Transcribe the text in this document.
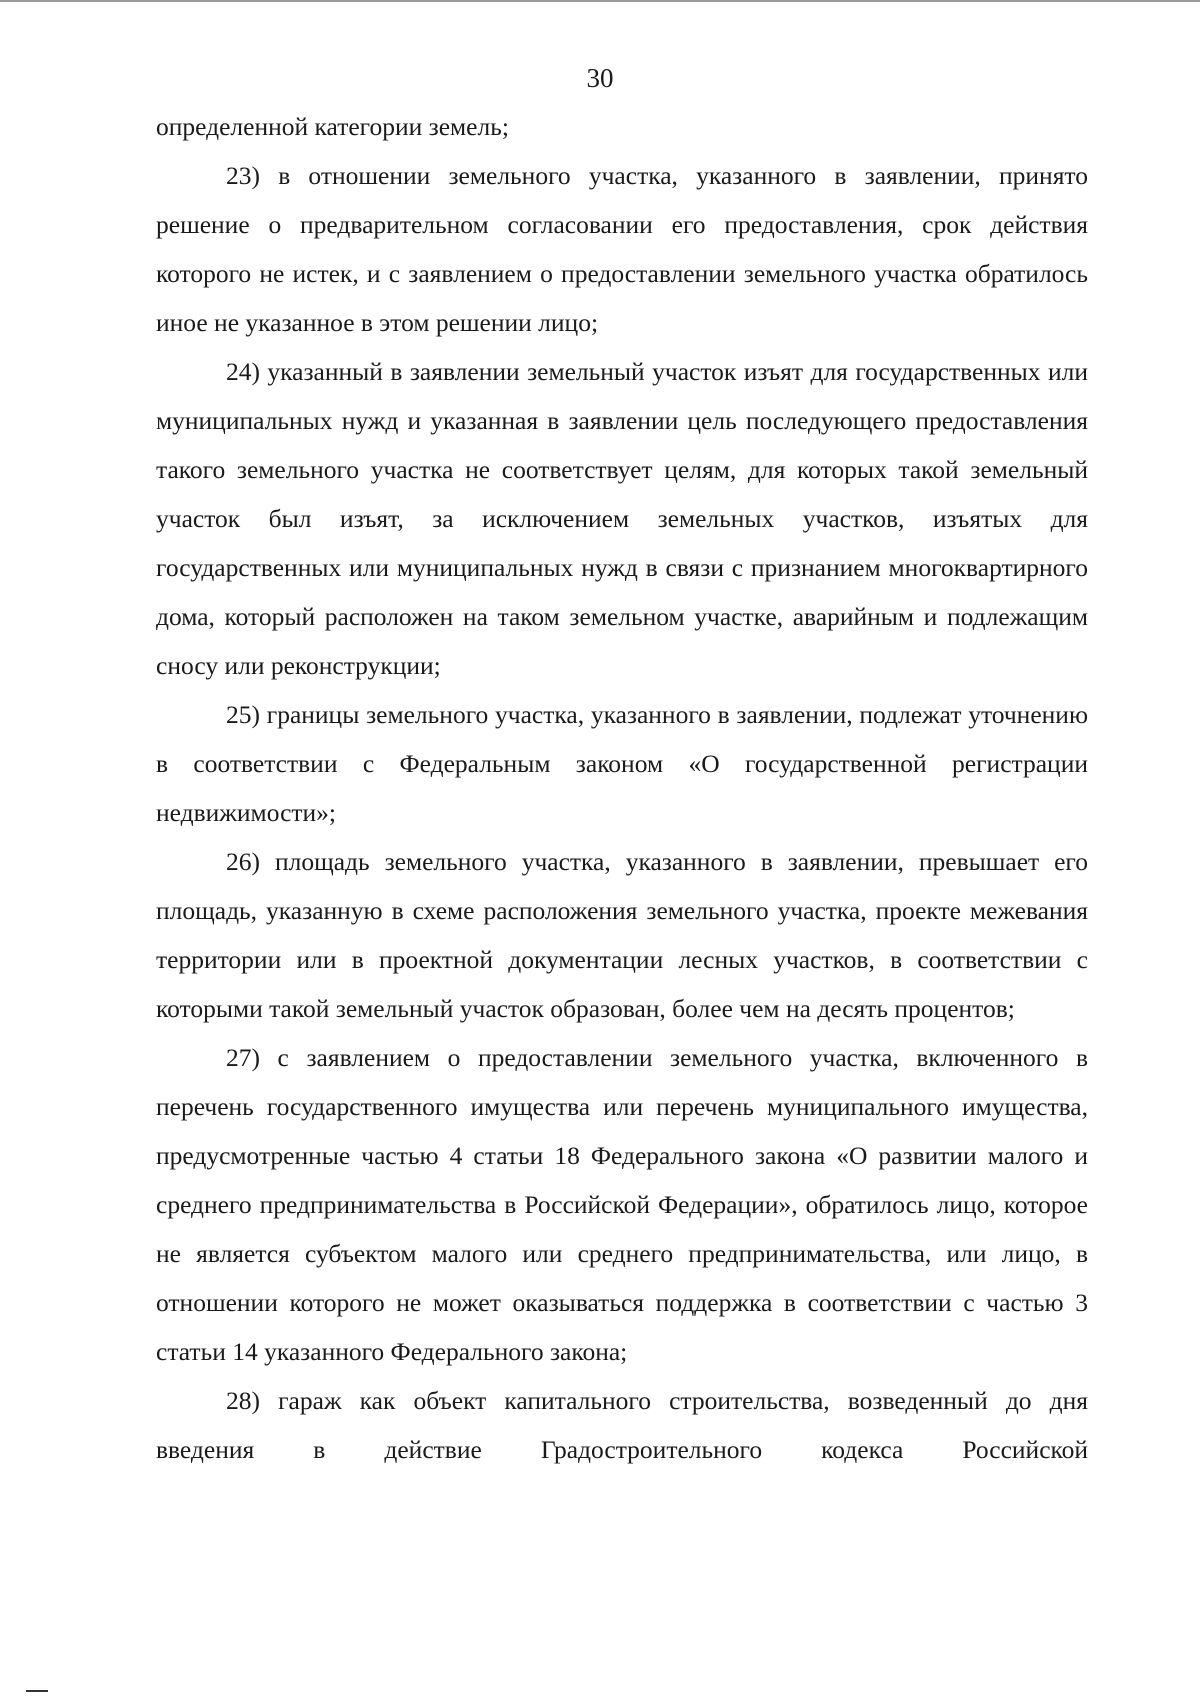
30

определенной категории земель;

23) в отношении земельного участка, указанного в заявлении, принято решение о предварительном согласовании его предоставления, срок действия которого не истек, и с заявлением о предоставлении земельного участка обратилось иное не указанное в этом решении лицо;

24) указанный в заявлении земельный участок изъят для государственных или муниципальных нужд и указанная в заявлении цель последующего предоставления такого земельного участка не соответствует целям, для которых такой земельный участок был изъят, за исключением земельных участков, изъятых для государственных или муниципальных нужд в связи с признанием многоквартирного дома, который расположен на таком земельном участке, аварийным и подлежащим сносу или реконструкции;

25) границы земельного участка, указанного в заявлении, подлежат уточнению в соответствии с Федеральным законом «О государственной регистрации недвижимости»;

26) площадь земельного участка, указанного в заявлении, превышает его площадь, указанную в схеме расположения земельного участка, проекте межевания территории или в проектной документации лесных участков, в соответствии с которыми такой земельный участок образован, более чем на десять процентов;

27) с заявлением о предоставлении земельного участка, включенного в перечень государственного имущества или перечень муниципального имущества, предусмотренные частью 4 статьи 18 Федерального закона «О развитии малого и среднего предпринимательства в Российской Федерации», обратилось лицо, которое не является субъектом малого или среднего предпринимательства, или лицо, в отношении которого не может оказываться поддержка в соответствии с частью 3 статьи 14 указанного Федерального закона;

28) гараж как объект капитального строительства, возведенный до дня введения в действие Градостроительного кодекса Российской
